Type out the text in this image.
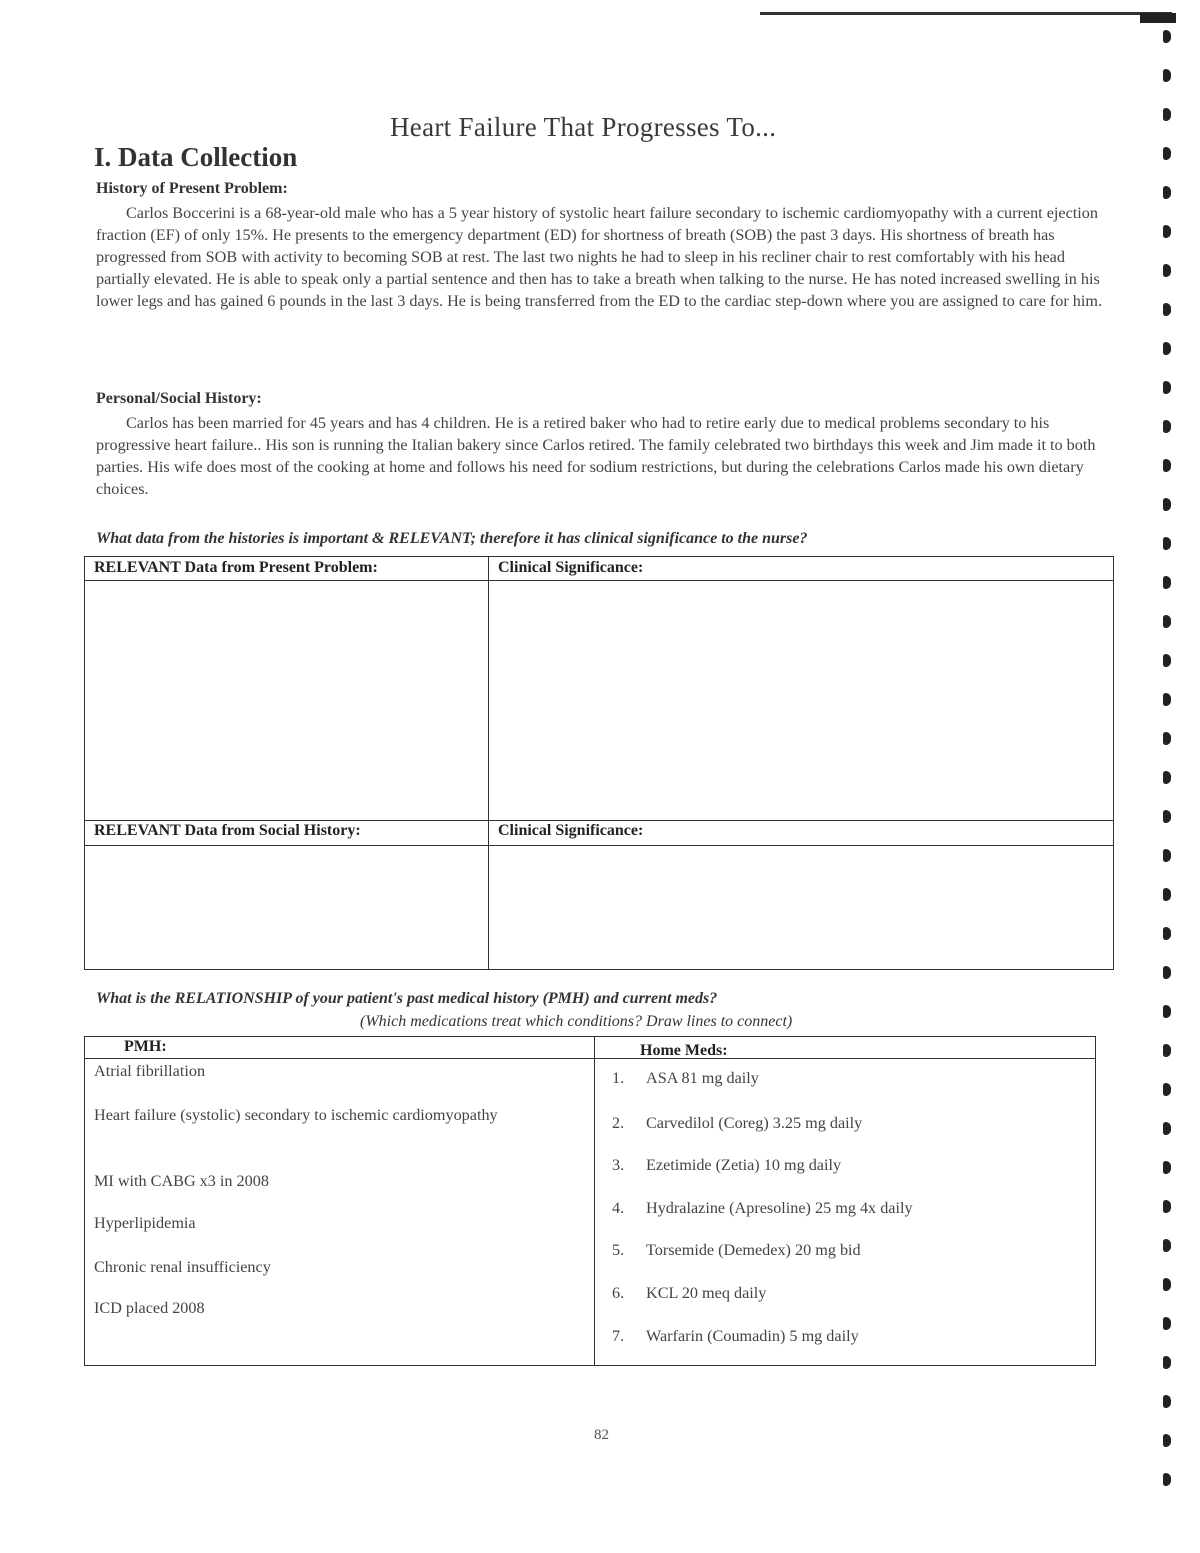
Heart Failure That Progresses To...
I. Data Collection
History of Present Problem:

Carlos Boccerini is a 68-year-old male who has a 5 year history of systolic heart failure secondary to ischemic cardiomyopathy with a current ejection fraction (EF) of only 15%. He presents to the emergency department (ED) for shortness of breath (SOB) the past 3 days. His shortness of breath has progressed from SOB with activity to becoming SOB at rest. The last two nights he had to sleep in his recliner chair to rest comfortably with his head partially elevated. He is able to speak only a partial sentence and then has to take a breath when talking to the nurse. He has noted increased swelling in his lower legs and has gained 6 pounds in the last 3 days. He is being transferred from the ED to the cardiac step-down where you are assigned to care for him.

Personal/Social History:

Carlos has been married for 45 years and has 4 children. He is a retired baker who had to retire early due to medical problems secondary to his progressive heart failure.. His son is running the Italian bakery since Carlos retired. The family celebrated two birthdays this week and Jim made it to both parties. His wife does most of the cooking at home and follows his need for sodium restrictions, but during the celebrations Carlos made his own dietary choices.

What data from the histories is important & RELEVANT; therefore it has clinical significance to the nurse?
RELEVANT Data from Present Problem:	Clinical Significance:
RELEVANT Data from Social History:	Clinical Significance:
What is the RELATIONSHIP of your patient's past medical history (PMH) and current meds?
(Which medications treat which conditions? Draw lines to connect)
PMH:	Home Meds:
Atrial fibrillation
Heart failure (systolic) secondary to ischemic cardiomyopathy
MI with CABG x3 in 2008
Hyperlipidemia
Chronic renal insufficiency
ICD placed 2008
1. ASA 81 mg daily
2. Carvedilol (Coreg) 3.25 mg daily
3. Ezetimide (Zetia) 10 mg daily
4. Hydralazine (Apresoline) 25 mg 4x daily
5. Torsemide (Demedex) 20 mg bid
6. KCL 20 meq daily
7. Warfarin (Coumadin) 5 mg daily
82
